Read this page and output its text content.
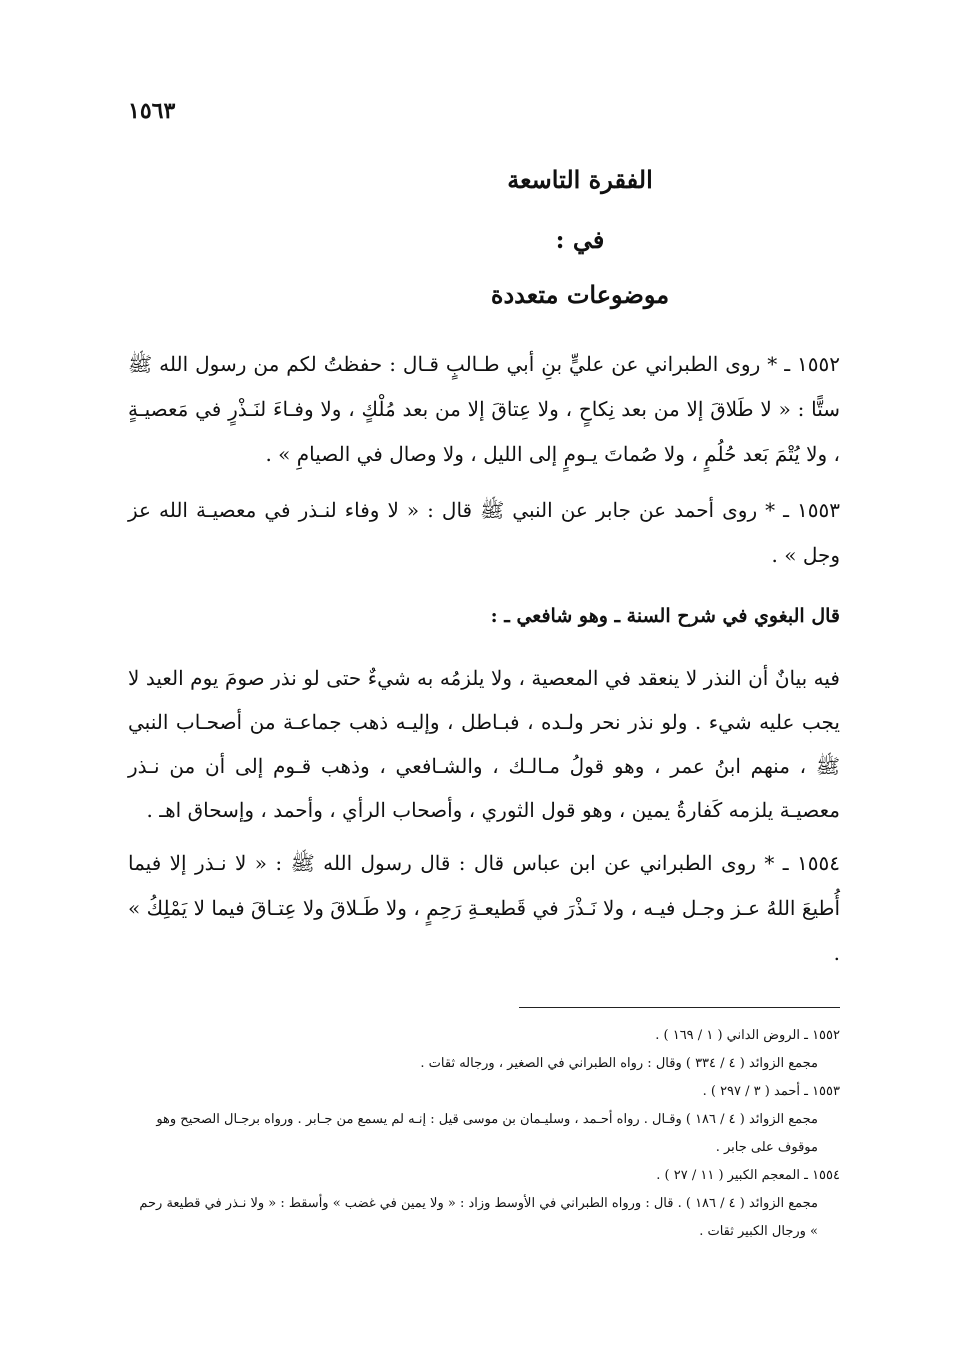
١٥٦٣
الفقرة التاسعة
في :
موضوعات متعددة
١٥٥٢ ـ * روى الطبراني عن عليٍّ بنِ أبي طـالبٍ قـال : حفظتُ لكم من رسول الله ﷺ ستًّا : « لا طَلاقَ إلا من بعد نِكاحٍ ، ولا عِتاقَ إلا من بعد مُلْكٍ ، ولا وفـاءَ لنَـذْرٍ في مَعصيـةٍ ، ولا يُتْمَ بَعد حُلُمٍ ، ولا صُماتَ يـومٍ إلى الليل ، ولا وصال في الصيامِ » .
١٥٥٣ ـ * روى أحمد عن جابر عن النبي ﷺ قال : « لا وفاء لنـذر في معصيـة الله عز وجل » .
قال البغوي في شرح السنة ـ وهو شافعي ـ :
فيه بيانٌ أن النذر لا ينعقد في المعصية ، ولا يلزمُه به شيءٌ حتى لو نذر صومَ يوم العيد لا يجب عليه شيء . ولو نذر نحر ولـده ، فبـاطل ، وإليـه ذهب جماعـة من أصحـاب النبي ﷺ ، منهم ابنُ عمر ، وهو قولُ مـالـك ، والشـافعي ، وذهب قـوم إلى أن من نـذر معصيـة يلزمه كَفارةُ يمين ، وهو قول الثوري ، وأصحاب الرأي ، وأحمد ، وإسحاق اهـ .
١٥٥٤ ـ * روى الطبراني عن ابن عباس قال : قال رسول الله ﷺ : « لا نـذر إلا فيما أُطيعَ اللهُ عـز وجـل فيـه ، ولا نَـذْرَ في قَطيعـةِ رَحِمٍ ، ولا طَـلاقَ ولا عِتـاقَ فيما لا يَمْلِكُ » .
١٥٥٢ ـ الروض الداني ( ١ / ١٦٩ ) .
مجمع الزوائد ( ٤ / ٣٣٤ ) وقال : رواه الطبراني في الصغير ، ورجاله ثقات .
١٥٥٣ ـ أحمد ( ٣ / ٢٩٧ ) .
مجمع الزوائد ( ٤ / ١٨٦ ) وقـال . رواه أحـمد ، وسليـمان بن موسى قيل : إنـه لم يسمع من جـابر . ورواه برجـال الصحيح وهو موقوف على جابر .
١٥٥٤ ـ المعجم الكبير ( ١١ / ٢٧ ) .
مجمع الزوائد ( ٤ / ١٨٦ ) . قال : ورواه الطبراني في الأوسط وزاد : « ولا يمين في غضب » وأسقط : « ولا نـذر في قطيعة رحم » ورجال الكبير ثقات .
